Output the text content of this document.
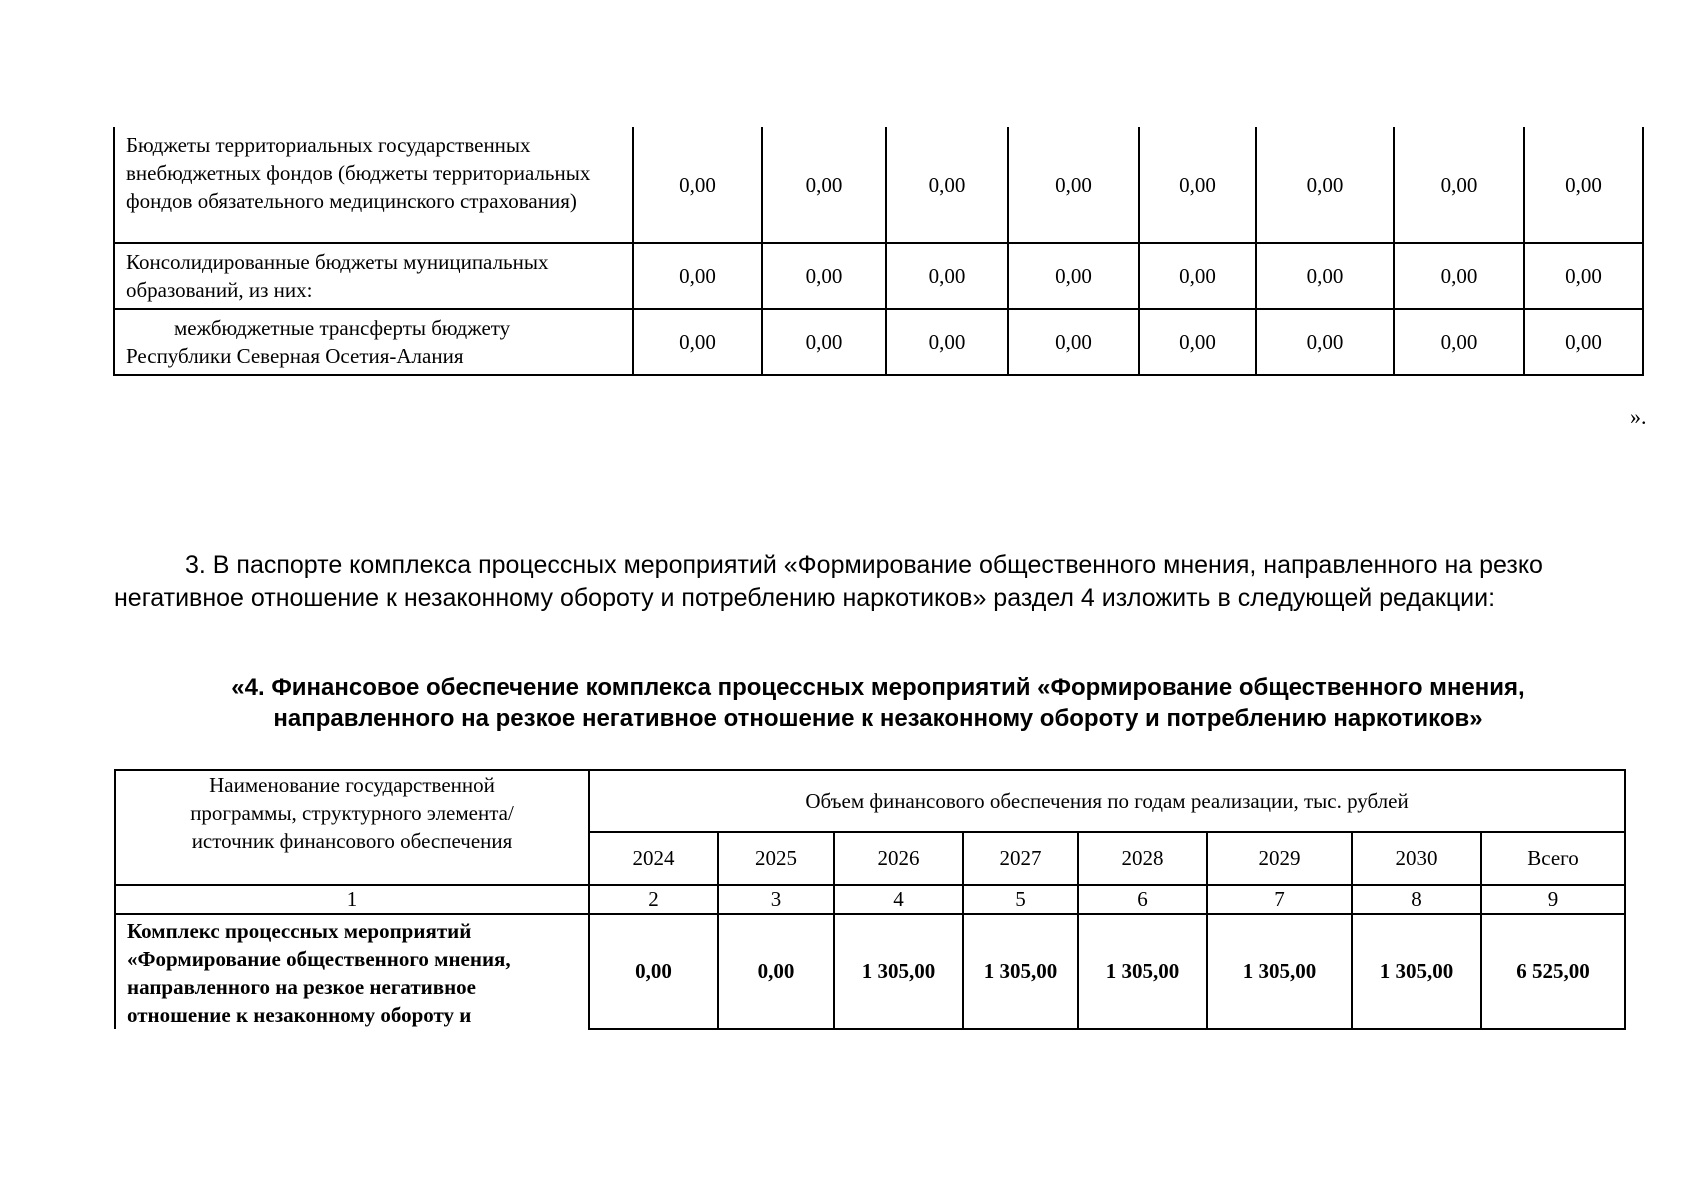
Бюджеты территориальных государственных внебюджетных фондов (бюджеты территориальных фондов обязательного медицинского страхования)	0,00	0,00	0,00	0,00	0,00	0,00	0,00	0,00
Консолидированные бюджеты муниципальных образований, из них:	0,00	0,00	0,00	0,00	0,00	0,00	0,00	0,00

межбюджетные трансферты бюджету
Республики Северная Осетия-Алания	0,00	0,00	0,00	0,00	0,00	0,00	0,00	0,00
».
3. В паспорте комплекса процессных мероприятий «Формирование общественного мнения, направленного на резко
негативное отношение к незаконному обороту и потреблению наркотиков» раздел 4 изложить в следующей редакции:
«4. Финансовое обеспечение комплекса процессных мероприятий «Формирование общественного мнения,
направленного на резкое негативное отношение к незаконному обороту и потреблению наркотиков»
Наименование государственной программы, структурного элемента/источник финансового обеспечения	Объем финансового обеспечения по годам реализации, тыс. рублей							
	2024	2025	2026	2027	2028	2029	2030	Всего
1	2	3	4	5	6	7	8	9
Комплекс процессных мероприятий «Формирование общественного мнения, направленного на резкое негативное отношение к незаконному обороту и	0,00	0,00	1 305,00	1 305,00	1 305,00	1 305,00	1 305,00	6 525,00
